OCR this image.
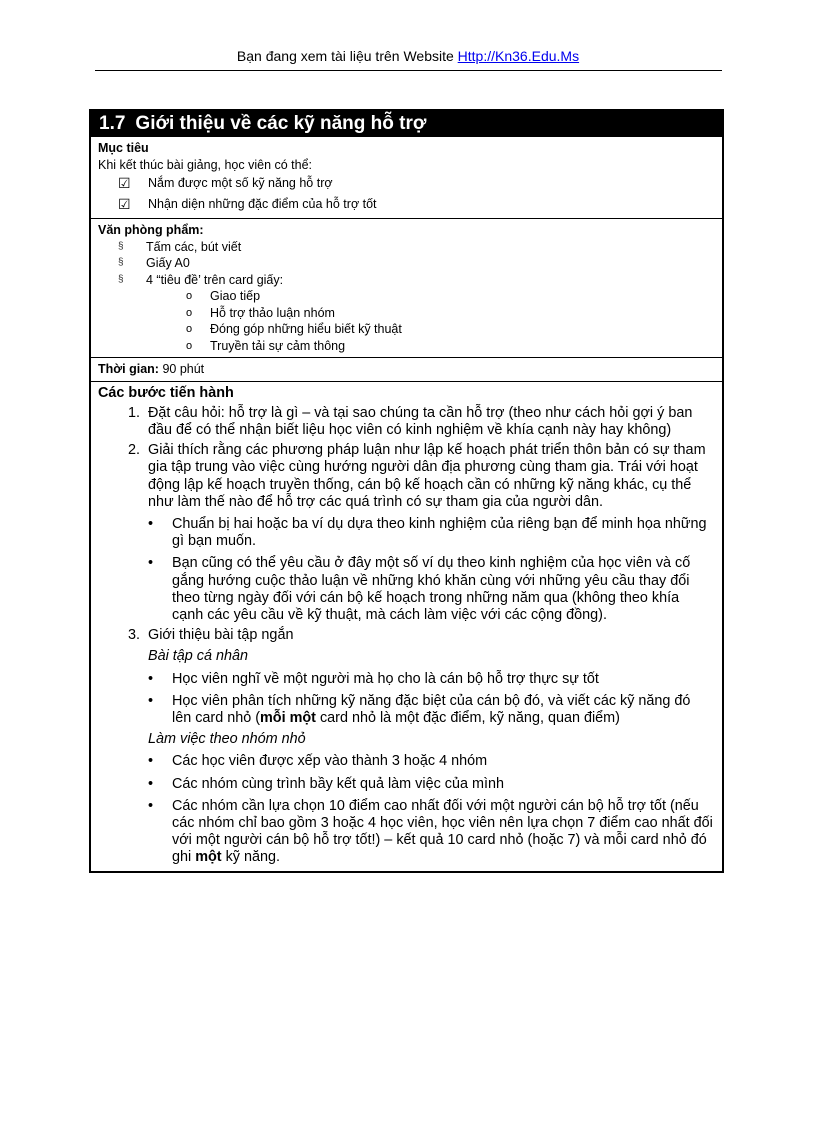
Bạn đang xem tài liệu trên Website Http://Kn36.Edu.Ms
1.7 Giới thiệu về các kỹ năng hỗ trợ
Mục tiêu
Khi kết thúc bài giảng, học viên có thể:
☑	Nắm được một số kỹ năng hỗ trợ
☑	Nhận diện những đặc điểm của hỗ trợ tốt
Văn phòng phẩm:
§	Tấm các, bút viết
§	Giấy A0
§	4 “tiêu đề’ trên card giấy:
o	Giao tiếp
o	Hỗ trợ thảo luận nhóm
o	Đóng góp những hiểu biết kỹ thuật
o	Truyền tải sự cảm thông
Thời gian: 90 phút
Các bước tiến hành
1. Đặt câu hỏi: hỗ trợ là gì – và tại sao chúng ta cần hỗ trợ (theo như cách hỏi gợi ý ban đầu để có thể nhận biết liệu học viên có kinh nghiệm về khía cạnh này hay không)
2. Giải thích rằng các phương pháp luận như lập kế hoạch phát triển thôn bản có sự tham gia tập trung vào việc cùng hướng người dân địa phương cùng tham gia. Trái với hoạt động lập kế hoạch truyền thống, cán bộ kế hoạch cần có những kỹ năng khác, cụ thể như làm thế nào để hỗ trợ các quá trình có sự tham gia của người dân.
•	Chuẩn bị hai hoặc ba ví dụ dựa theo kinh nghiệm của riêng bạn để minh họa những gì bạn muốn.
•	Bạn cũng có thể yêu cầu ở đây một số ví dụ theo kinh nghiệm của học viên và cố gắng hướng cuộc thảo luận về những khó khăn cùng với những yêu cầu thay đổi theo từng ngày đối với cán bộ kế hoạch trong những năm qua (không theo khía cạnh các yêu cầu về kỹ thuật, mà cách làm việc với các cộng đồng).
3. Giới thiệu bài tập ngắn
Bài tập cá nhân
•	Học viên nghĩ về một người mà họ cho là cán bộ hỗ trợ thực sự tốt
•	Học viên phân tích những kỹ năng đặc biệt của cán bộ đó, và viết các kỹ năng đó lên card nhỏ (mỗi một card nhỏ là một đặc điểm, kỹ năng, quan điểm)
Làm việc theo nhóm nhỏ
•	Các học viên được xếp vào thành 3 hoặc 4 nhóm
•	Các nhóm cùng trình bầy kết quả làm việc của mình
•	Các nhóm cần lựa chọn 10 điểm cao nhất đối với một người cán bộ hỗ trợ tốt (nếu các nhóm chỉ bao gồm 3 hoặc 4 học viên, học viên nên lựa chọn 7 điểm cao nhất đối với một người cán bộ hỗ trợ tốt!) – kết quả 10 card nhỏ (hoặc 7) và mỗi card nhỏ đó ghi một kỹ năng.
